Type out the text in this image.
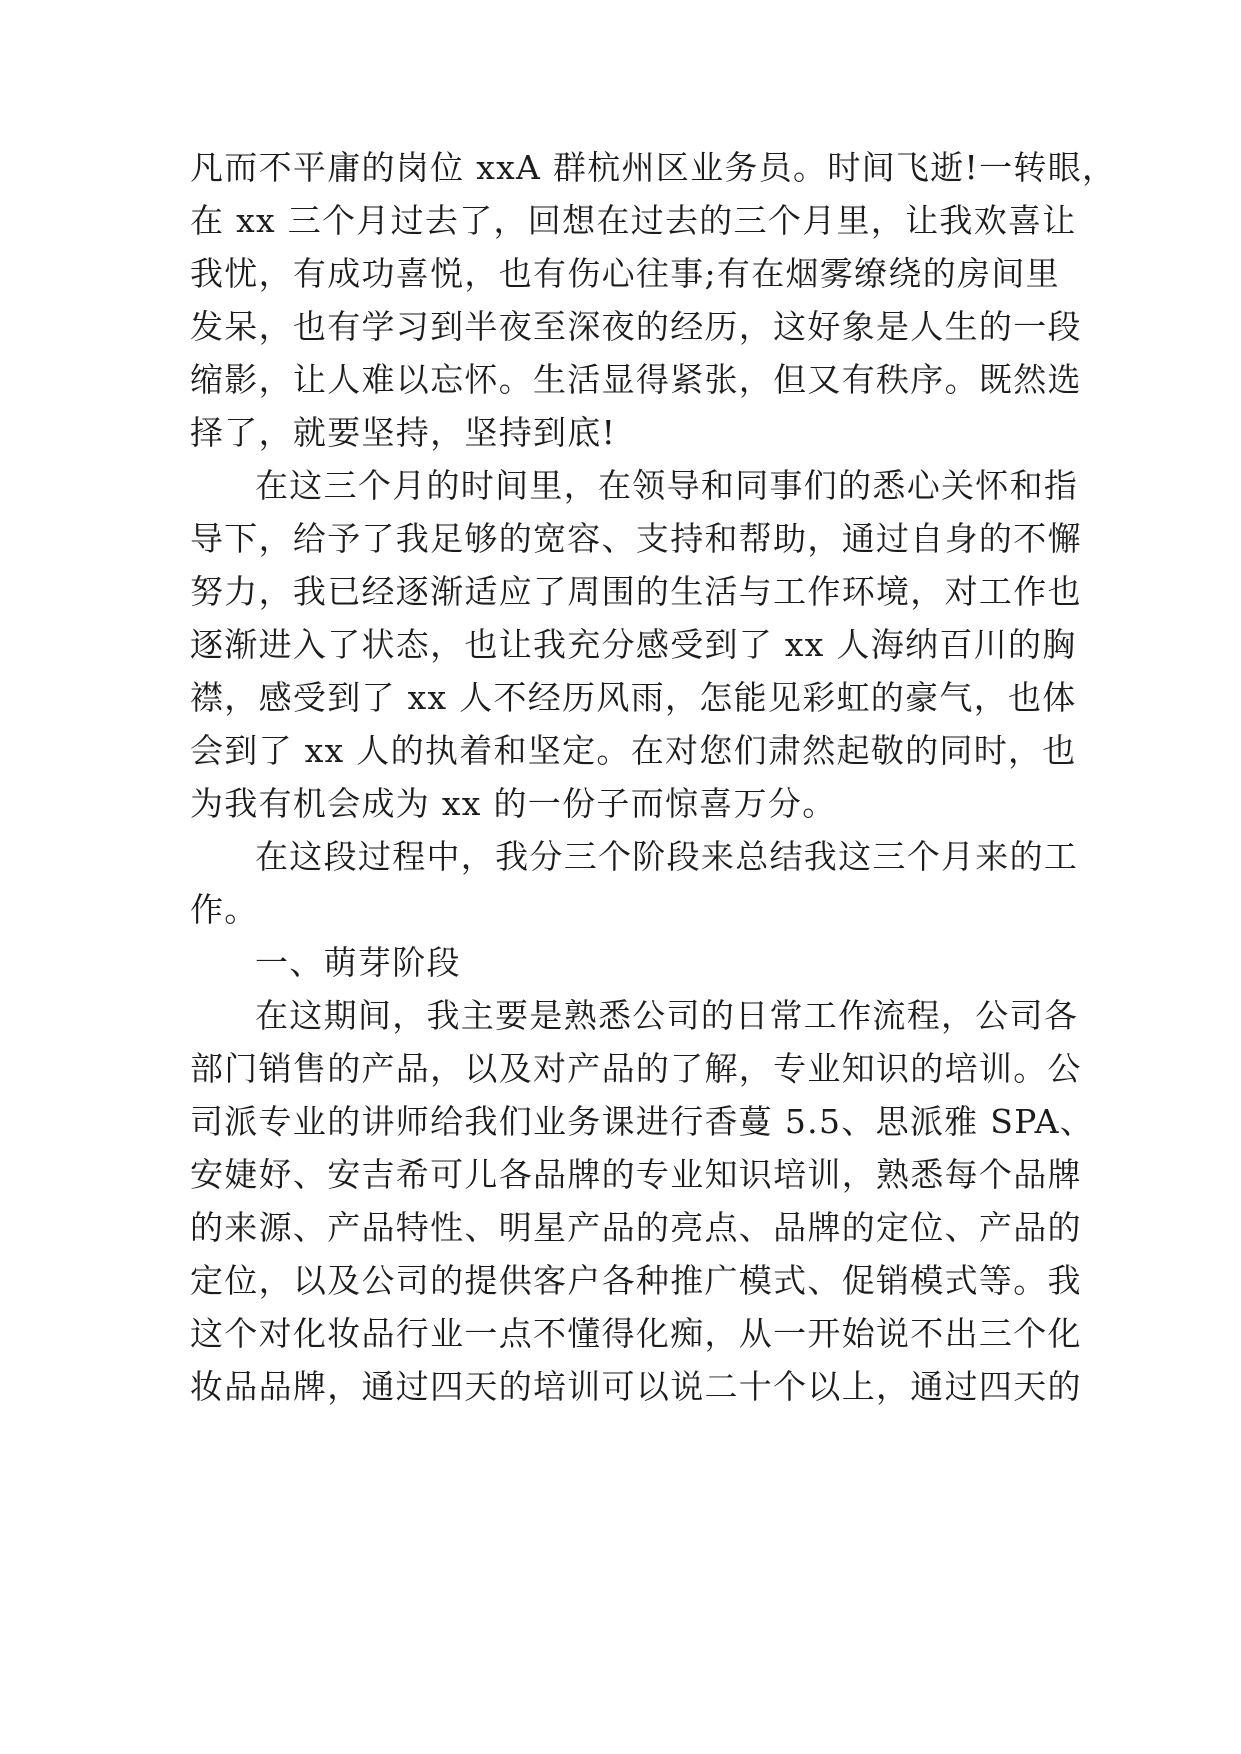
凡而不平庸的岗位 xxA 群杭州区业务员。时间飞逝!一转眼，
在 xx 三个月过去了，回想在过去的三个月里，让我欢喜让
我忧，有成功喜悦，也有伤心往事;有在烟雾缭绕的房间里
发呆，也有学习到半夜至深夜的经历，这好象是人生的一段
缩影，让人难以忘怀。生活显得紧张，但又有秩序。既然选
择了，就要坚持，坚持到底!
在这三个月的时间里，在领导和同事们的悉心关怀和指
导下，给予了我足够的宽容、支持和帮助，通过自身的不懈
努力，我已经逐渐适应了周围的生活与工作环境，对工作也
逐渐进入了状态，也让我充分感受到了 xx 人海纳百川的胸
襟，感受到了 xx 人不经历风雨，怎能见彩虹的豪气，也体
会到了 xx 人的执着和坚定。在对您们肃然起敬的同时，也
为我有机会成为 xx 的一份子而惊喜万分。
在这段过程中，我分三个阶段来总结我这三个月来的工
作。
一、萌芽阶段
在这期间，我主要是熟悉公司的日常工作流程，公司各
部门销售的产品，以及对产品的了解，专业知识的培训。公
司派专业的讲师给我们业务课进行香蔓 5.5、思派雅 SPA、
安婕妤、安吉希可儿各品牌的专业知识培训，熟悉每个品牌
的来源、产品特性、明星产品的亮点、品牌的定位、产品的
定位，以及公司的提供客户各种推广模式、促销模式等。我
这个对化妆品行业一点不懂得化痴，从一开始说不出三个化
妆品品牌，通过四天的培训可以说二十个以上，通过四天的
